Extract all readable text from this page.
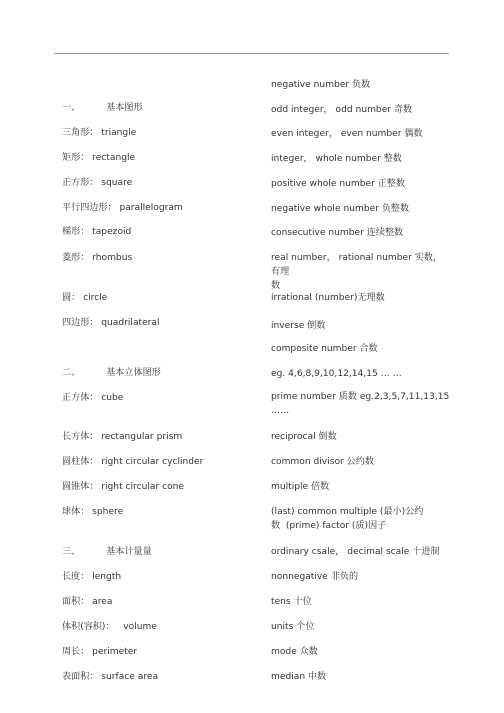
一、         基本图形
三角形： triangle
矩形： rectangle
正方形： square
平行四边形： parallelogram
梯形： tapezoid
菱形： rhombus
圆： circle
四边形： quadrilateral
二、         基本立体图形
正方体： cube
长方体： rectangular prism
圆柱体： right circular cyclinder
圆锥体： right circular cone
球体： sphere
三、         基本计量量
长度： length
面积： area
体积(容积)：   volume
周长： perimeter
表面积： surface area
negative number 负数
odd integer， odd number 奇数
even integer， even number 偶数
integer， whole number 整数
positive whole number 正整数
negative whole number 负整数
consecutive number 连续整数
real number， rational number 实数， 有理
数
irrational (number)无理数
inverse 倒数
composite number 合数
eg. 4,6,8,9,10,12,14,15 … …
prime number 质数 eg.2,3,5,7,11,13,15
……
reciprocal 倒数
common divisor 公约数
multiple 倍数
(last) common multiple (最小)公约
数  (prime) factor (质)因子
ordinary csale， decimal scale 十进制
nonnegative 非负的
tens 十位
units 个位
mode 众数
median 中数
